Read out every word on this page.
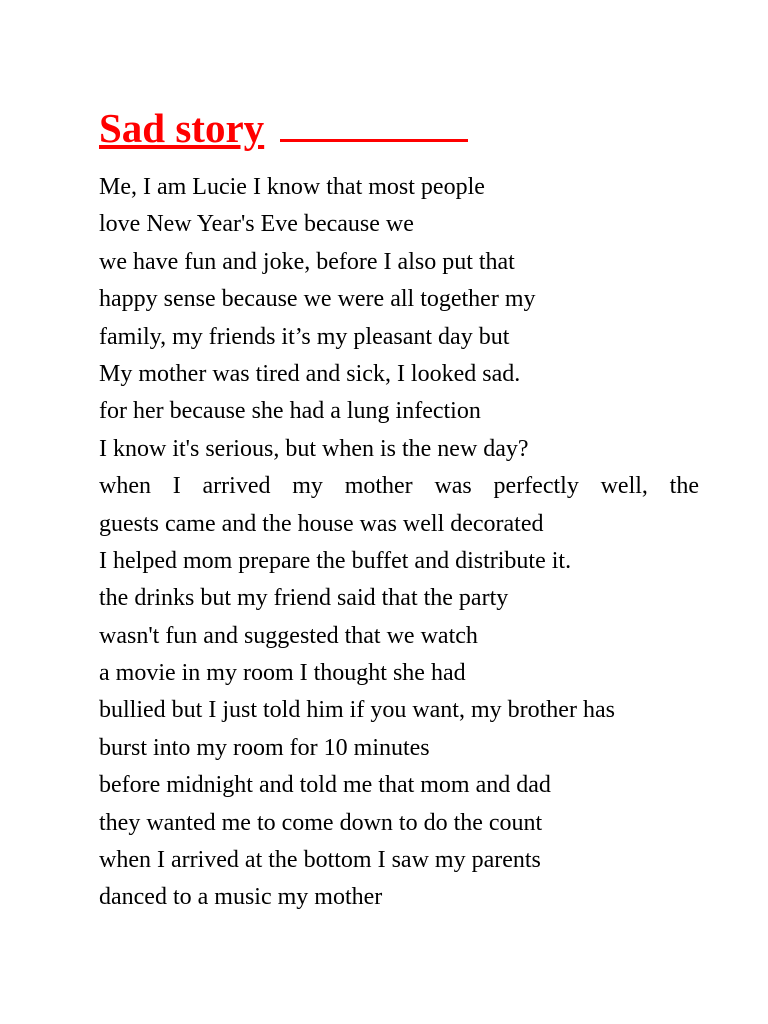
Sad story
Me, I am Lucie I know that most people
love New Year's Eve because we
we have fun and joke, before I also put that
happy sense because we were all together my
family, my friends it’s my pleasant day but
My mother was tired and sick, I looked sad.
for her because she had a lung infection
I know it's serious, but when is the new day?
when I arrived my mother was perfectly well, the
guests came and the house was well decorated
I helped mom prepare the buffet and distribute it.
the drinks but my friend said that the party
wasn't fun and suggested that we watch
a movie in my room I thought she had
bullied but I just told him if you want, my brother has
burst into my room for 10 minutes
before midnight and told me that mom and dad
they wanted me to come down to do the count
when I arrived at the bottom I saw my parents
danced to a music my mother
